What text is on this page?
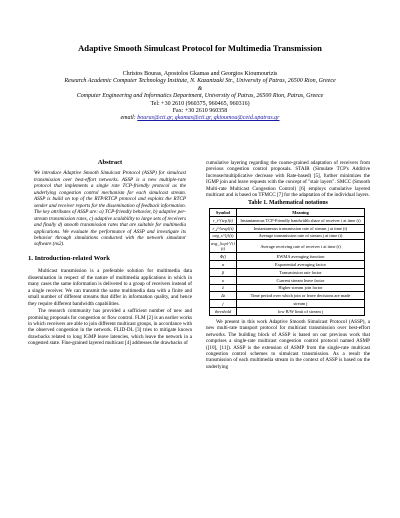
Adaptive Smooth Simulcast Protocol for Multimedia Transmission
Christos Bouras, Apostolos Gkamas and Georgios Kioumourtzis
Research Academic Computer Technology Institute, N. Kazantzaki Str., University of Patras, 26500 Rion, Greece
&
Computer Engineering and Informatics Department, University of Patras, 26500 Rion, Patras, Greece
Tel: +30 2610 (960375, 960465, 960316)
Fax: +30 2610 960358
email: bouras@cti.gr, gkamas@cti.gr, gkioumou@ceid.upatras.gr
Abstract
We introduce Adaptive Smooth Simulcast Protocol (ASSP) for simulcast transmission over best-effort networks. ASSP is a new multiple-rate protocol that implements a single rate TCP-friendly protocol as the underlying congestion control mechanism for each simulcast stream. ASSP is build on top of the RTP/RTCP protocol and exploits the RTCP sender and receiver reports for the dissemination of feedback information. The key attributes of ASSP are: a) TCP-friendly behavior, b) adaptive per-stream transmission rates, c) adaptive scalability to large sets of receivers and finally d) smooth transmission rates that are suitable for multimedia applications. We evaluate the performance of ASSP and investigate its behavior through simulations conducted with the network simulator software (ns2).
1. Introduction-related Work

Multicast transmission is a preferable solution for multimedia data dissemination in respect of the nature of multimedia applications in which in many cases the same information is delivered to a group of receivers instead of a single receiver. We can transmit the same multimedia data with a finite and small number of different streams that differ in information quality, and hence they require different bandwidth capabilities.

The research community has provided a sufficient number of new and promising proposals for congestion or flow control. FLM [2] is an earlier works in which receivers are able to join different multicast groups, in accordance with the observed congestion in the network. FLID-DL [3] tries to mitigate known drawbacks related to long IGMP leave latencies, which leave the network in a congested state. Fine-grained layered multicast [4] addresses the drawbacks of

cumulative layering regarding the coarse-grained adaptation of receivers from previous congestion control proposals. STAIR (Simulate TCP's Additive Increase/multiplicative decrease with Rate-based) [5], further minimizes the IGMP join and leave requests with the concept of "stair layers". SMCC (Smooth Multi-rate Multicast Congestion Control) [6] employs cumulative layered multicast and is based on TFMCC [7] for the adaptation of the individual layers.

Table 1. Mathematical notations
Symbol	Meaning
r_i^{tcp}(t)	Instantaneous TCP-Friendly bandwidth share of receiver i at time (t)
r_j^{avg}(t)	Instantaneous transmission rate of stream j at time (t)
avg_s^{j}(t)	Average transmission rate of stream j at time (t)
avg_{tcp}^{i}(t)	Average receiving rate of receiver i at time (t)
Φ()	EWMA averaging function
α	Exponential averaging factor
β	Transmission rate factor
κ	Current stream leave factor
λ	Higher stream join factor
Δt	Time period over which join or leave decisions are made
j	stream j
threshold	low B/W limit of stream j

We present in this work Adaptive Smooth Simulcast Protocol (ASSP), a new multi-rate transport protocol for multicast transmission over best-effort networks. The building block of ASSP is based on our previous work that comprises a single-rate multicast congestion control protocol named ASMP ([10], [11]). ASSP is the extension of ASMP from the single-rate multicast congestion control schemes to simulcast transmission. As a result the transmission of each multimedia stream in the context of ASSP is based on the underlying
